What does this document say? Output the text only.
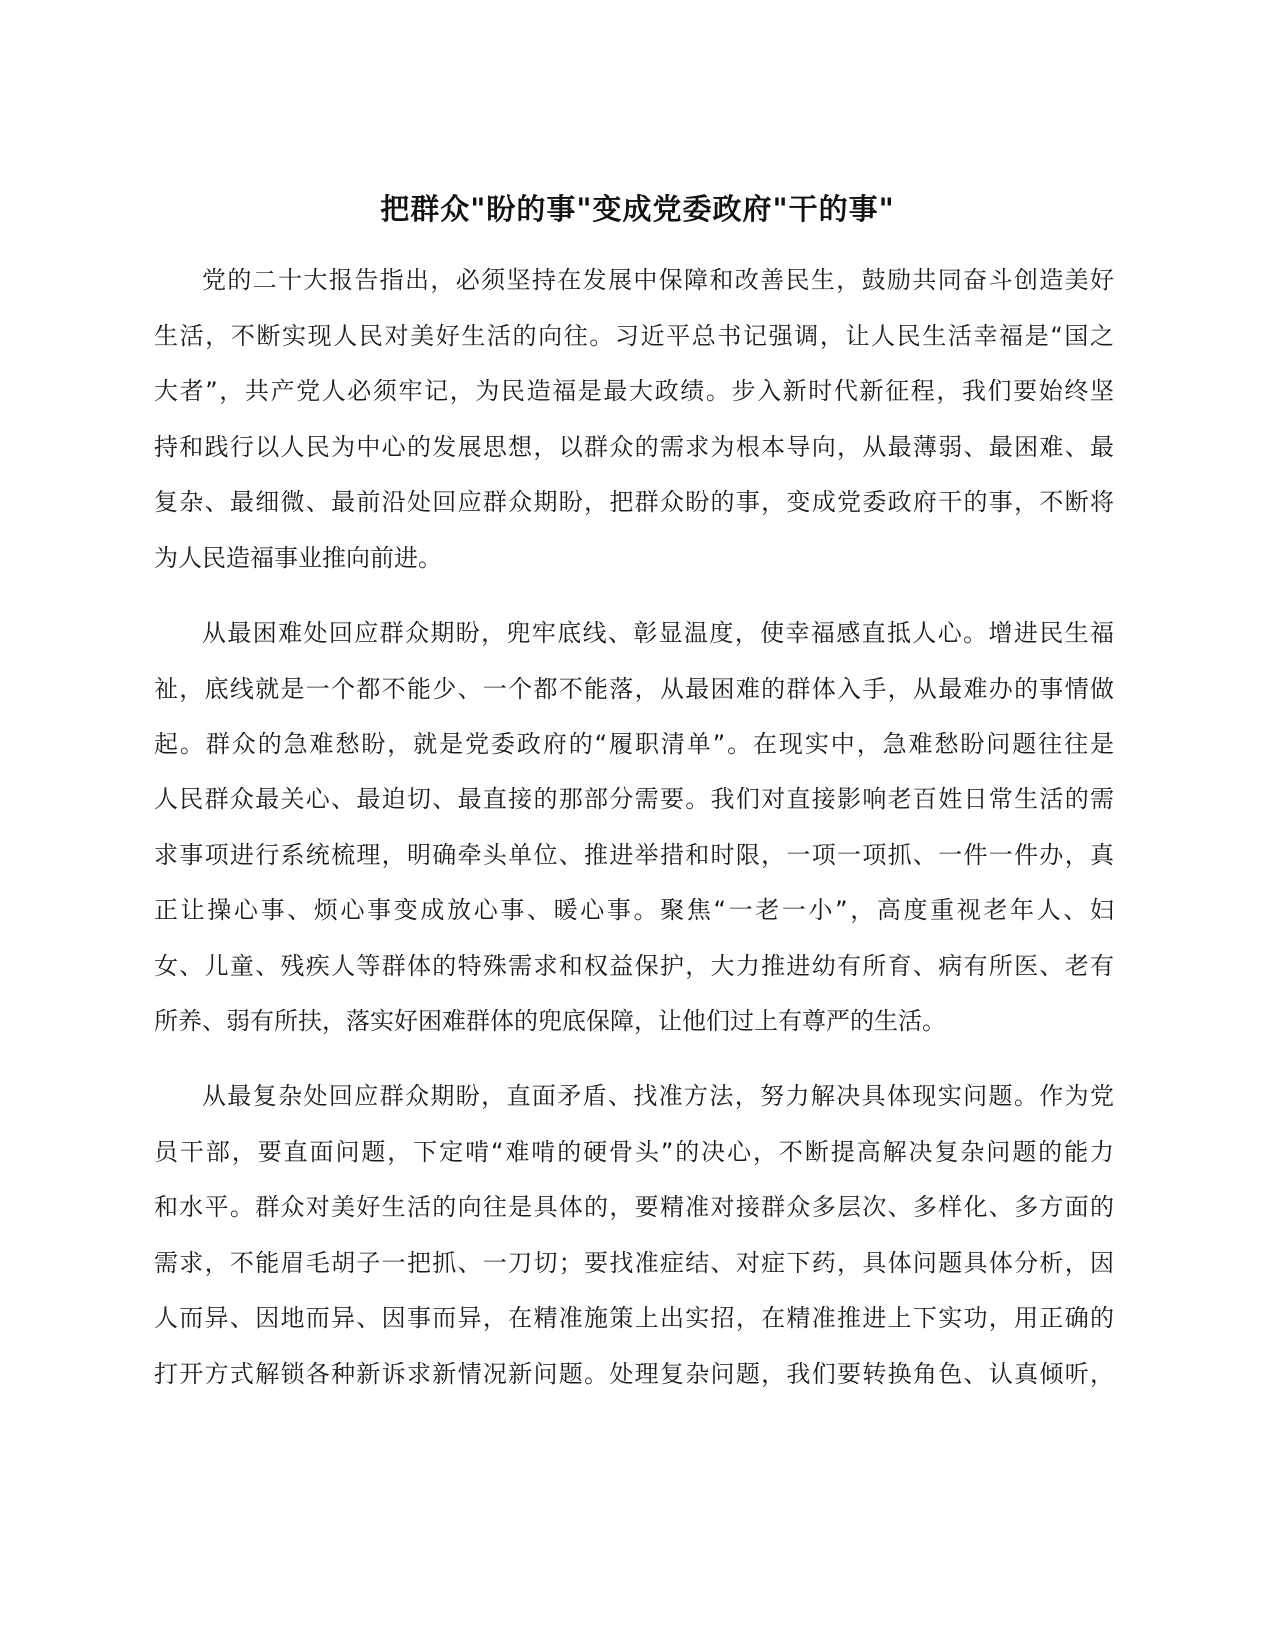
把群众"盼的事"变成党委政府"干的事"
党的二十大报告指出，必须坚持在发展中保障和改善民生，鼓励共同奋斗创造美好
生活，不断实现人民对美好生活的向往。习近平总书记强调，让人民生活幸福是“国之
大者”，共产党人必须牢记，为民造福是最大政绩。步入新时代新征程，我们要始终坚
持和践行以人民为中心的发展思想，以群众的需求为根本导向，从最薄弱、最困难、最
复杂、最细微、最前沿处回应群众期盼，把群众盼的事，变成党委政府干的事，不断将
为人民造福事业推向前进。
从最困难处回应群众期盼，兜牢底线、彰显温度，使幸福感直抵人心。增进民生福
祉，底线就是一个都不能少、一个都不能落，从最困难的群体入手，从最难办的事情做
起。群众的急难愁盼，就是党委政府的“履职清单”。在现实中，急难愁盼问题往往是
人民群众最关心、最迫切、最直接的那部分需要。我们对直接影响老百姓日常生活的需
求事项进行系统梳理，明确牵头单位、推进举措和时限，一项一项抓、一件一件办，真
正让操心事、烦心事变成放心事、暖心事。聚焦“一老一小”，高度重视老年人、妇
女、儿童、残疾人等群体的特殊需求和权益保护，大力推进幼有所育、病有所医、老有
所养、弱有所扶，落实好困难群体的兜底保障，让他们过上有尊严的生活。
从最复杂处回应群众期盼，直面矛盾、找准方法，努力解决具体现实问题。作为党
员干部，要直面问题，下定啃“难啃的硬骨头”的决心，不断提高解决复杂问题的能力
和水平。群众对美好生活的向往是具体的，要精准对接群众多层次、多样化、多方面的
需求，不能眉毛胡子一把抓、一刀切；要找准症结、对症下药，具体问题具体分析，因
人而异、因地而异、因事而异，在精准施策上出实招，在精准推进上下实功，用正确的
打开方式解锁各种新诉求新情况新问题。处理复杂问题，我们要转换角色、认真倾听，
